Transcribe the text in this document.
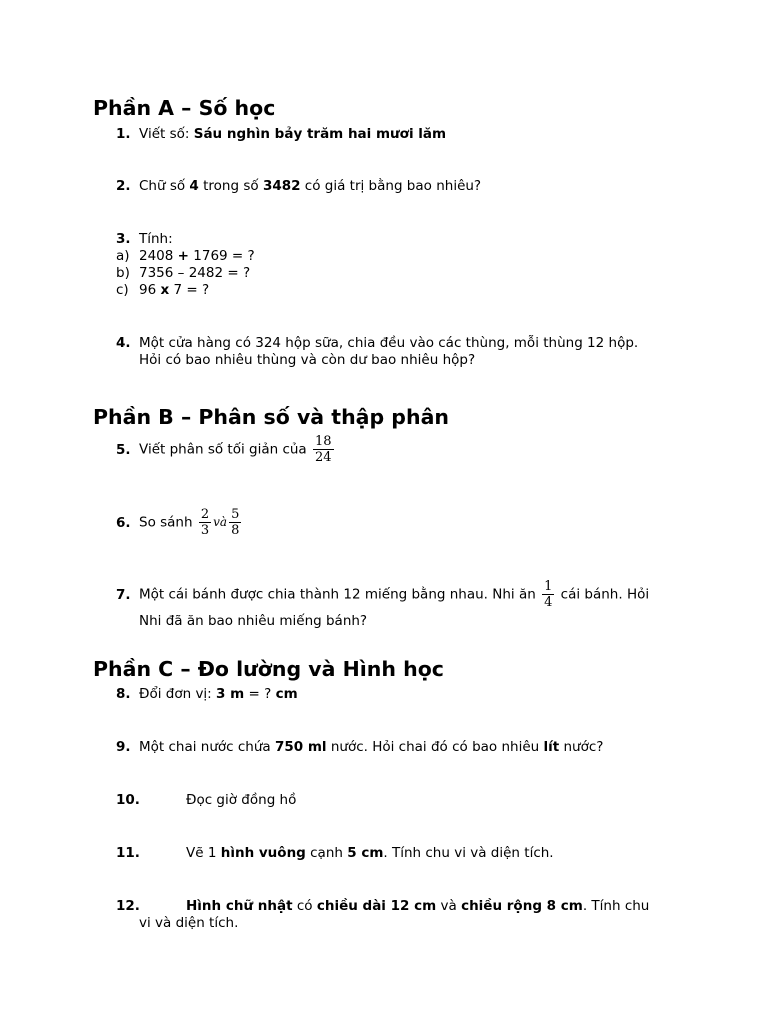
Phần A – Số học
1. Viết số: Sáu nghìn bảy trăm hai mươi lăm
2. Chữ số 4 trong số 3482 có giá trị bằng bao nhiêu?
3. Tính:
a) 2408 + 1769 = ?
b) 7356 – 2482 = ?
c) 96 x 7 = ?
4. Một cửa hàng có 324 hộp sữa, chia đều vào các thùng, mỗi thùng 12 hộp.
Hỏi có bao nhiêu thùng và còn dư bao nhiêu hộp?
Phần B – Phân số và thập phân
5. Viết phân số tối giản của $\frac{18}{24}$
6. So sánh $\frac{2}{3}$ và $\frac{5}{8}$
7. Một cái bánh được chia thành 12 miếng bằng nhau. Nhi ăn $\frac{1}{4}$ cái bánh. Hỏi
Nhi đã ăn bao nhiêu miếng bánh?
Phần C – Đo lường và Hình học
8. Đổi đơn vị: 3 m = ? cm
9. Một chai nước chứa 750 ml nước. Hỏi chai đó có bao nhiêu lít nước?
10.	Đọc giờ đồng hồ
11.	Vẽ 1 hình vuông cạnh 5 cm. Tính chu vi và diện tích.
12.	Hình chữ nhật có chiều dài 12 cm và chiều rộng 8 cm. Tính chu
vi và diện tích.
